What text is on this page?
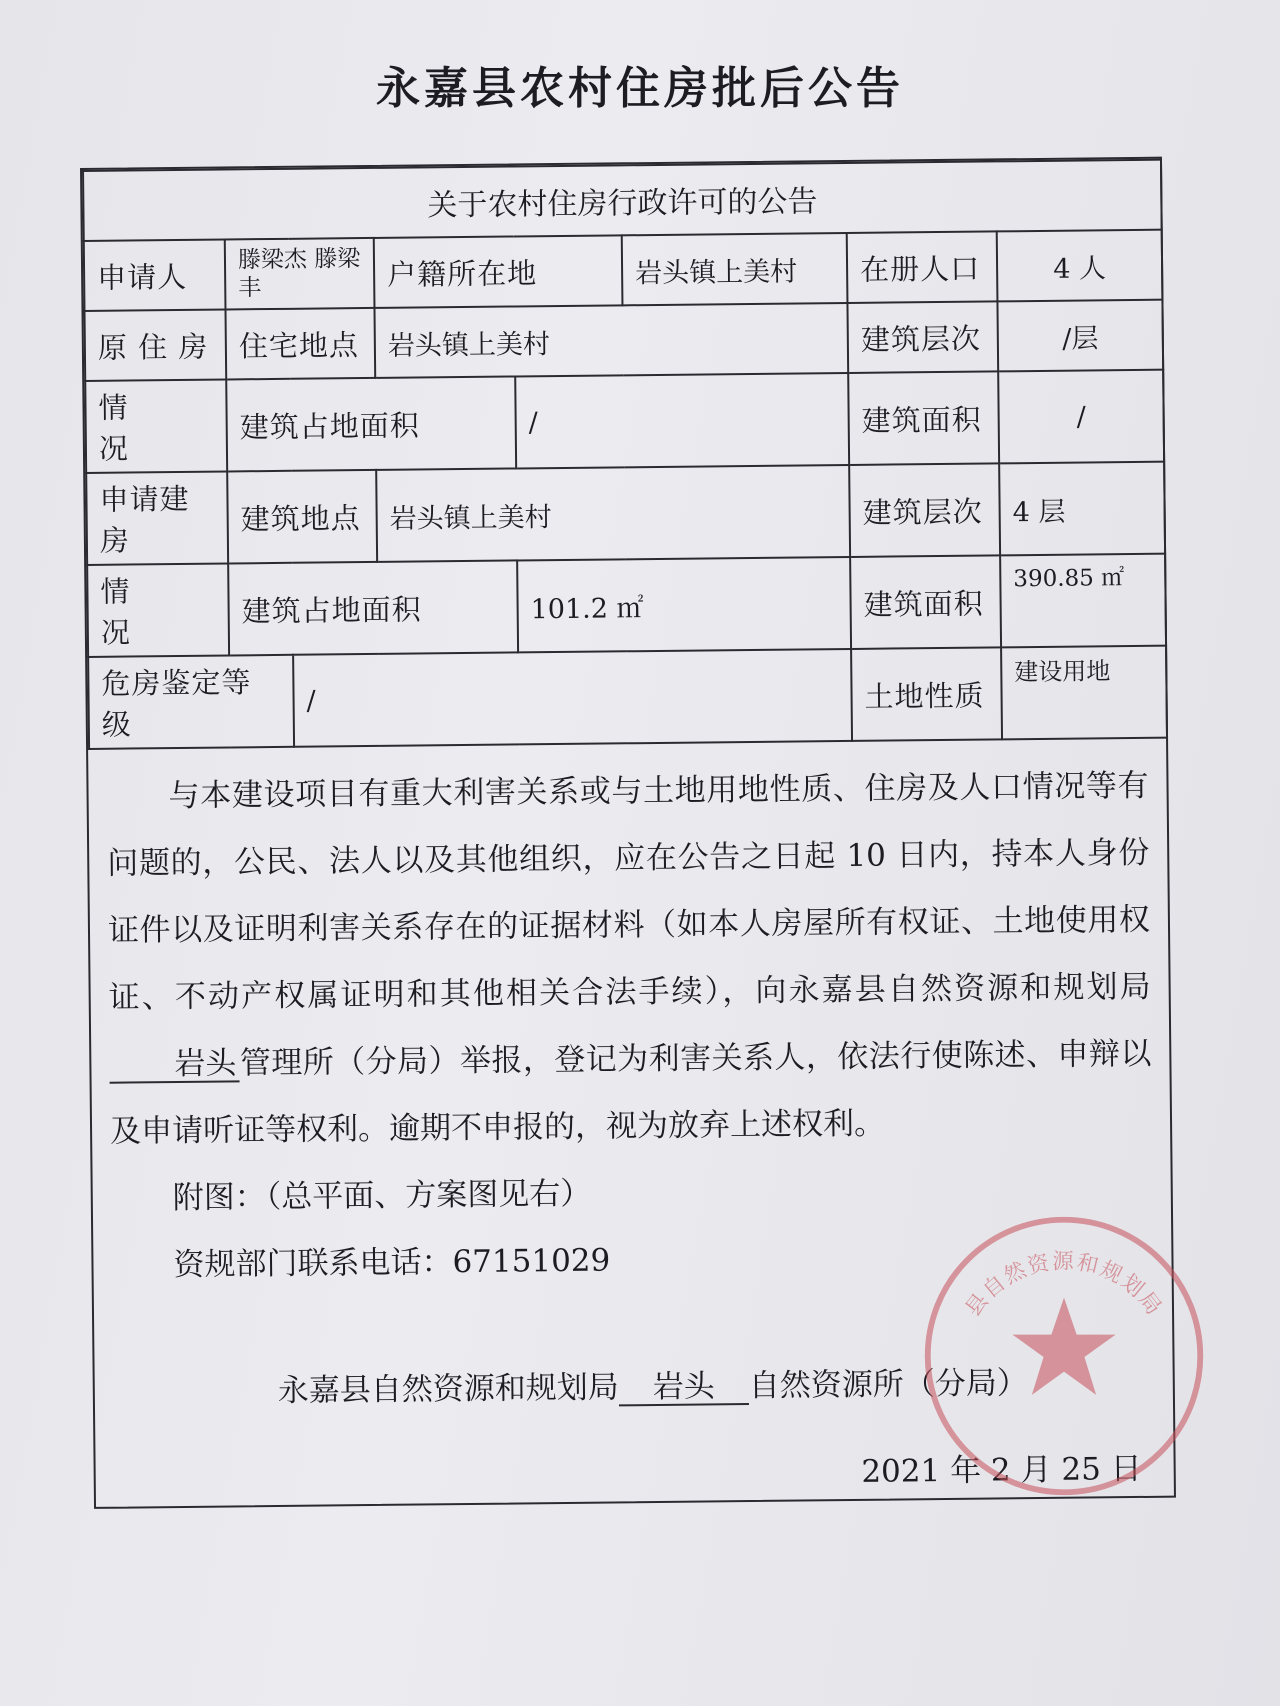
永嘉县农村住房批后公告
关于农村住房行政许可的公告							
申请人	滕梁杰 滕梁丰		户籍所在地		岩头镇上美村	在册人口	4 人
原 住 房	住宅地点		岩头镇上美村			建筑层次	/层
情　　况	建筑占地面积			/		建筑面积	/
申请建房	建筑地点		岩头镇上美村			建筑层次	4 层
情　　况	建筑占地面积			101.2 ㎡		建筑面积	390.85 ㎡
危房鉴定等级		/				土地性质	建设用地

与本建设项目有重大利害关系或与土地用地性质、住房及人口情况等有问题的，公民、法人以及其他组织，应在公告之日起 10 日内，持本人身份证件以及证明利害关系存在的证据材料（如本人房屋所有权证、土地使用权证、不动产权属证明和其他相关合法手续），向永嘉县自然资源和规划局岩头管理所（分局）举报，登记为利害关系人，依法行使陈述、申辩以及申请听证等权利。逾期不申报的，视为放弃上述权利。

附图：（总平面、方案图见右）

资规部门联系电话：67151029

永嘉县自然资源和规划局 岩头 自然资源所（分局）

2021 年 2 月 25 日

县自然资源和规划局
